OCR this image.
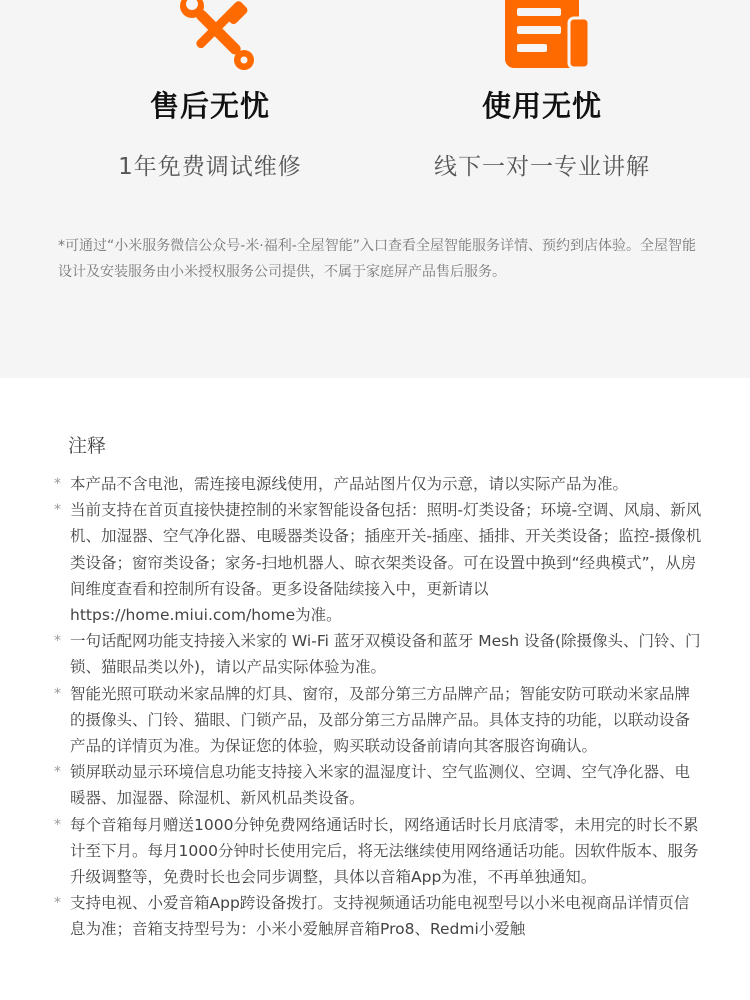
售后无忧
1年免费调试维修
使用无忧
线下一对一专业讲解
*可通过“小米服务微信公众号-米·福利-全屋智能”入口查看全屋智能服务详情、预约到店体验。全屋智能设计及安装服务由小米授权服务公司提供，不属于家庭屏产品售后服务。
注释
* 本产品不含电池，需连接电源线使用，产品站图片仅为示意，请以实际产品为准。
* 当前支持在首页直接快捷控制的米家智能设备包括：照明-灯类设备；环境-空调、风扇、新风机、加湿器、空气净化器、电暖器类设备；插座开关-插座、插排、开关类设备；监控-摄像机类设备；窗帘类设备；家务-扫地机器人、晾衣架类设备。可在设置中换到“经典模式”，从房间维度查看和控制所有设备。更多设备陆续接入中，更新请以 https://home.miui.com/home为准。
* 一句话配网功能支持接入米家的 Wi-Fi 蓝牙双模设备和蓝牙 Mesh 设备(除摄像头、门铃、门锁、猫眼品类以外)，请以产品实际体验为准。
* 智能光照可联动米家品牌的灯具、窗帘，及部分第三方品牌产品；智能安防可联动米家品牌的摄像头、门铃、猫眼、门锁产品，及部分第三方品牌产品。具体支持的功能，以联动设备产品的详情页为准。为保证您的体验，购买联动设备前请向其客服咨询确认。
* 锁屏联动显示环境信息功能支持接入米家的温湿度计、空气监测仪、空调、空气净化器、电暖器、加湿器、除湿机、新风机品类设备。
* 每个音箱每月赠送1000分钟免费网络通话时长，网络通话时长月底清零，未用完的时长不累计至下月。每月1000分钟时长使用完后，将无法继续使用网络通话功能。因软件版本、服务升级调整等，免费时长也会同步调整，具体以音箱App为准，不再单独通知。
* 支持电视、小爱音箱App跨设备拨打。支持视频通话功能电视型号以小米电视商品详情页信息为准；音箱支持型号为：小米小爱触屏音箱Pro8、Redmi小爱触
